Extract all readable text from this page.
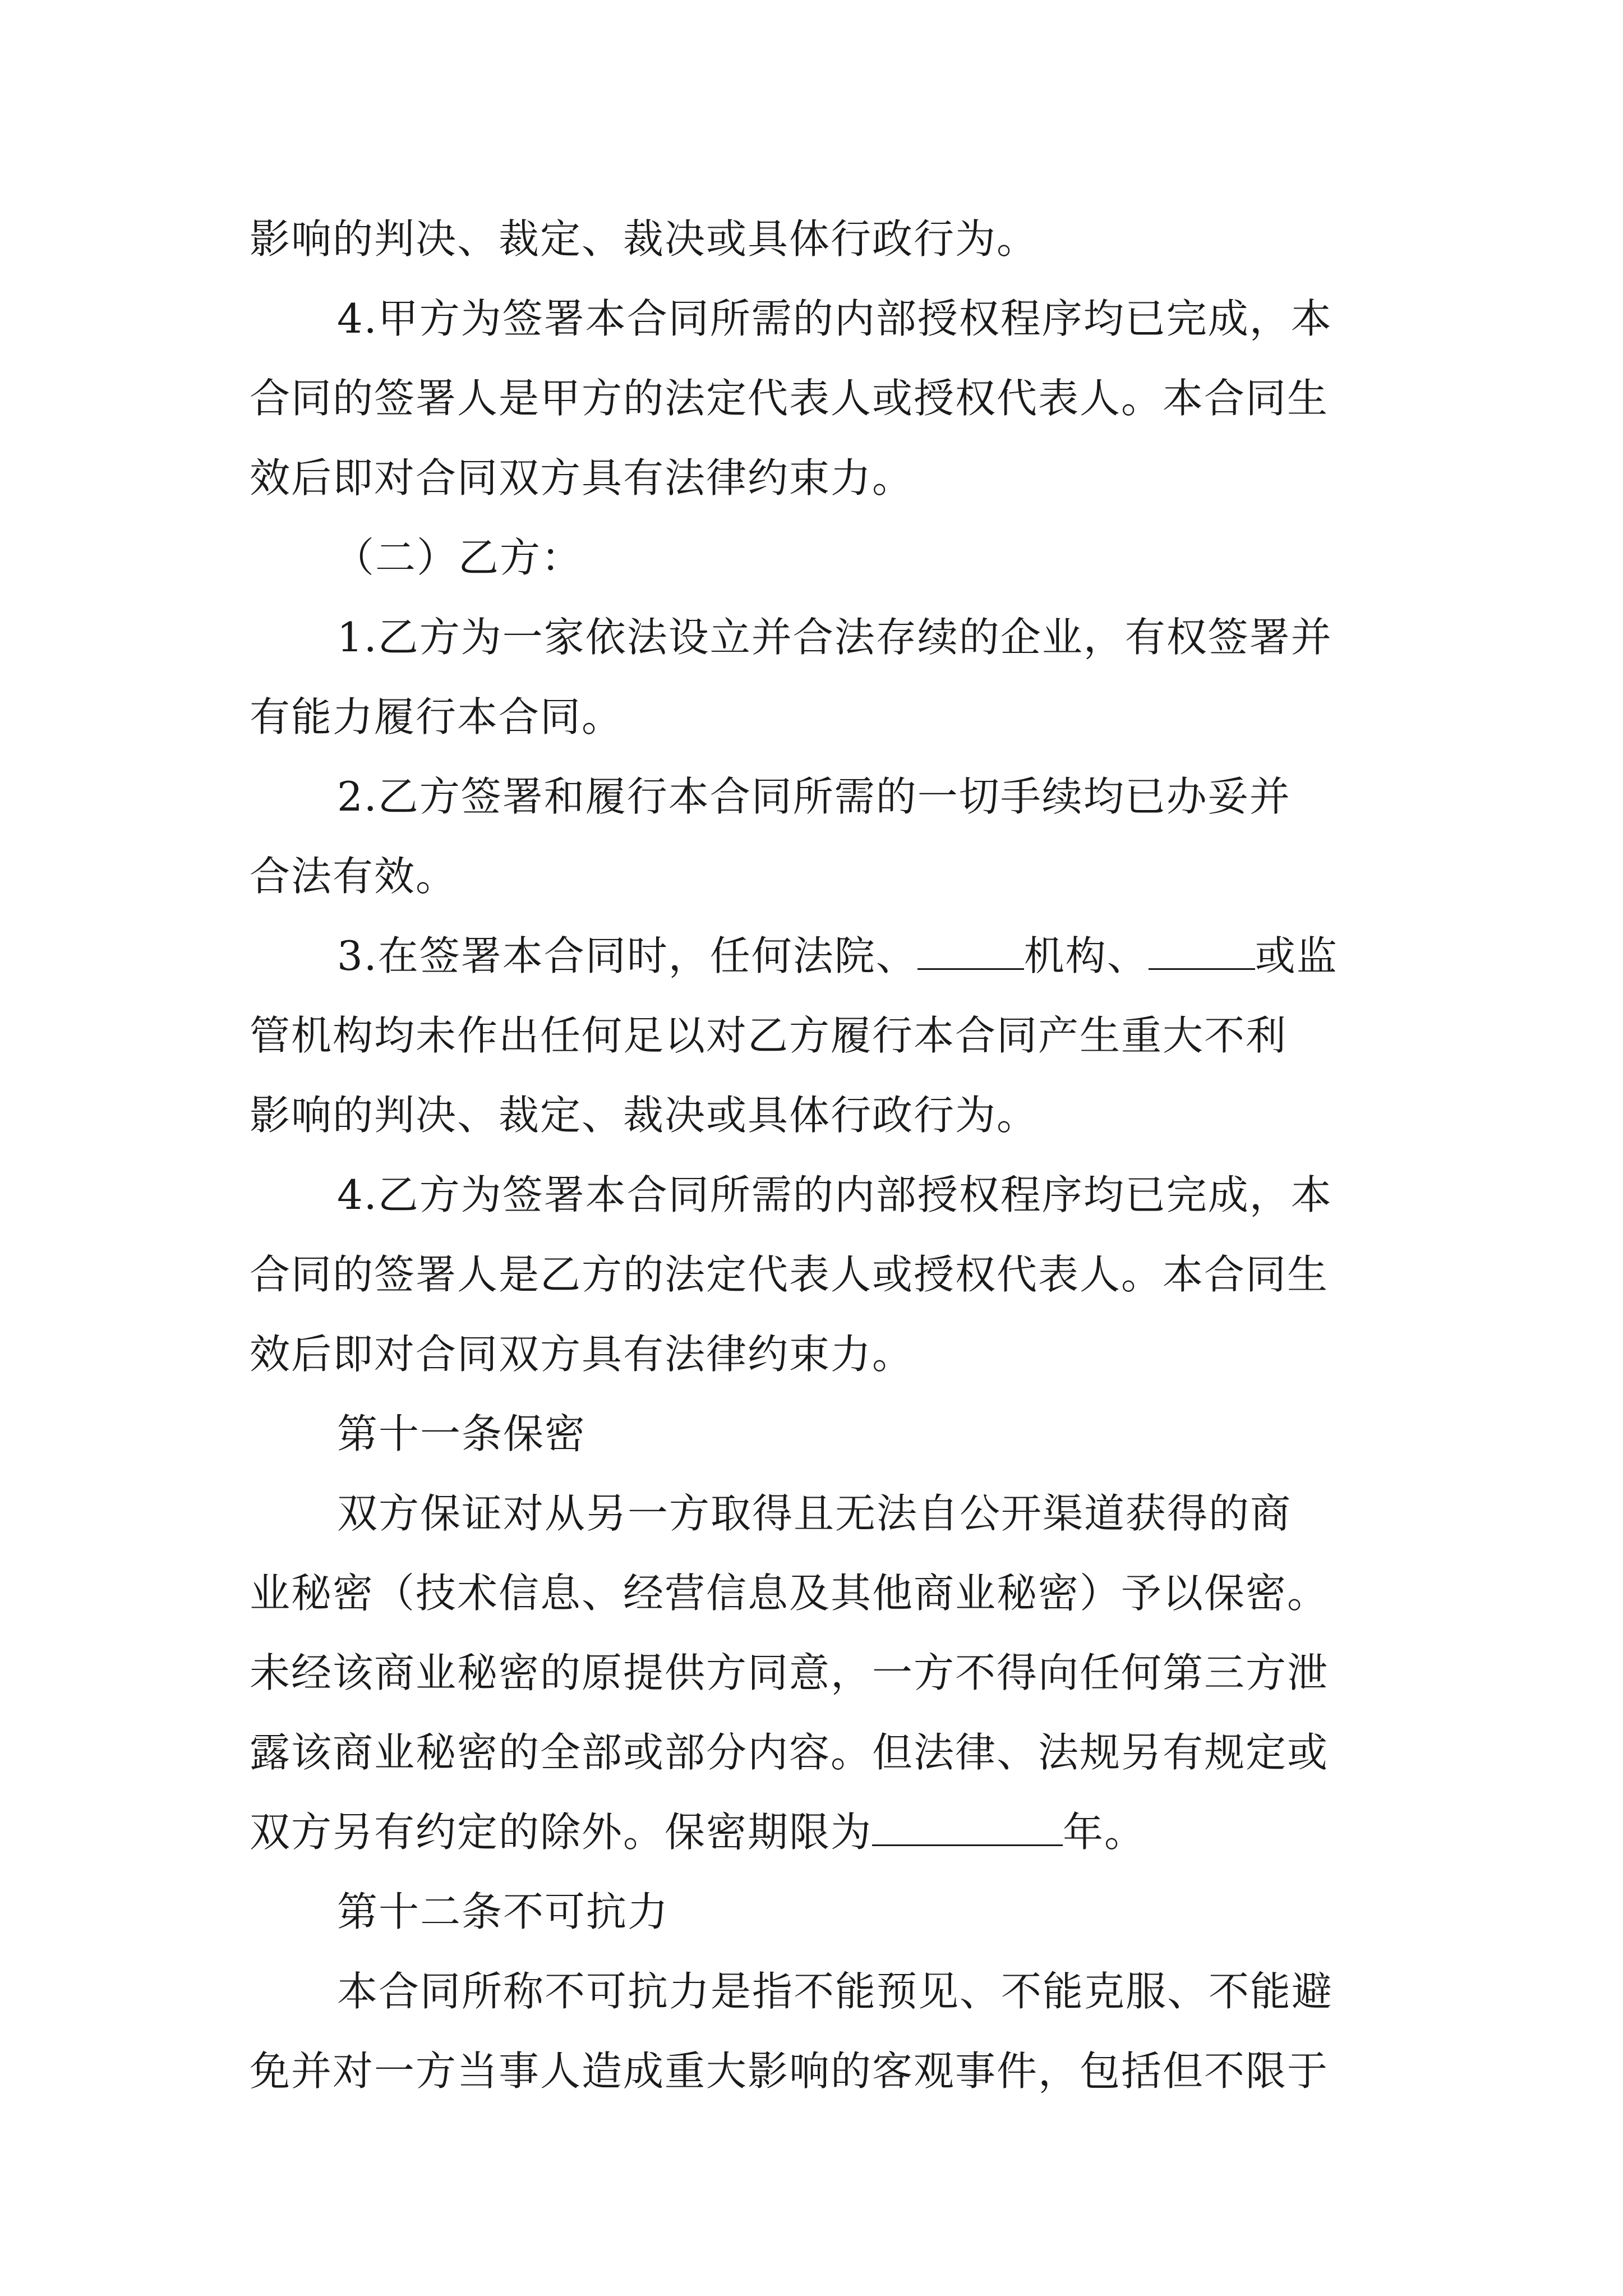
影响的判决、裁定、裁决或具体行政行为。
4.甲方为签署本合同所需的内部授权程序均已完成，本
合同的签署人是甲方的法定代表人或授权代表人。本合同生
效后即对合同双方具有法律约束力。
（二）乙方：
1.乙方为一家依法设立并合法存续的企业，有权签署并
有能力履行本合同。
2.乙方签署和履行本合同所需的一切手续均已办妥并
合法有效。
3.在签署本合同时，任何法院、	机构、	或监
管机构均未作出任何足以对乙方履行本合同产生重大不利
影响的判决、裁定、裁决或具体行政行为。
4.乙方为签署本合同所需的内部授权程序均已完成，本
合同的签署人是乙方的法定代表人或授权代表人。本合同生
效后即对合同双方具有法律约束力。
第十一条保密
双方保证对从另一方取得且无法自公开渠道获得的商
业秘密（技术信息、经营信息及其他商业秘密）予以保密。
未经该商业秘密的原提供方同意，一方不得向任何第三方泄
露该商业秘密的全部或部分内容。但法律、法规另有规定或
双方另有约定的除外。保密期限为	年。
第十二条不可抗力
本合同所称不可抗力是指不能预见、不能克服、不能避
免并对一方当事人造成重大影响的客观事件，包括但不限于
